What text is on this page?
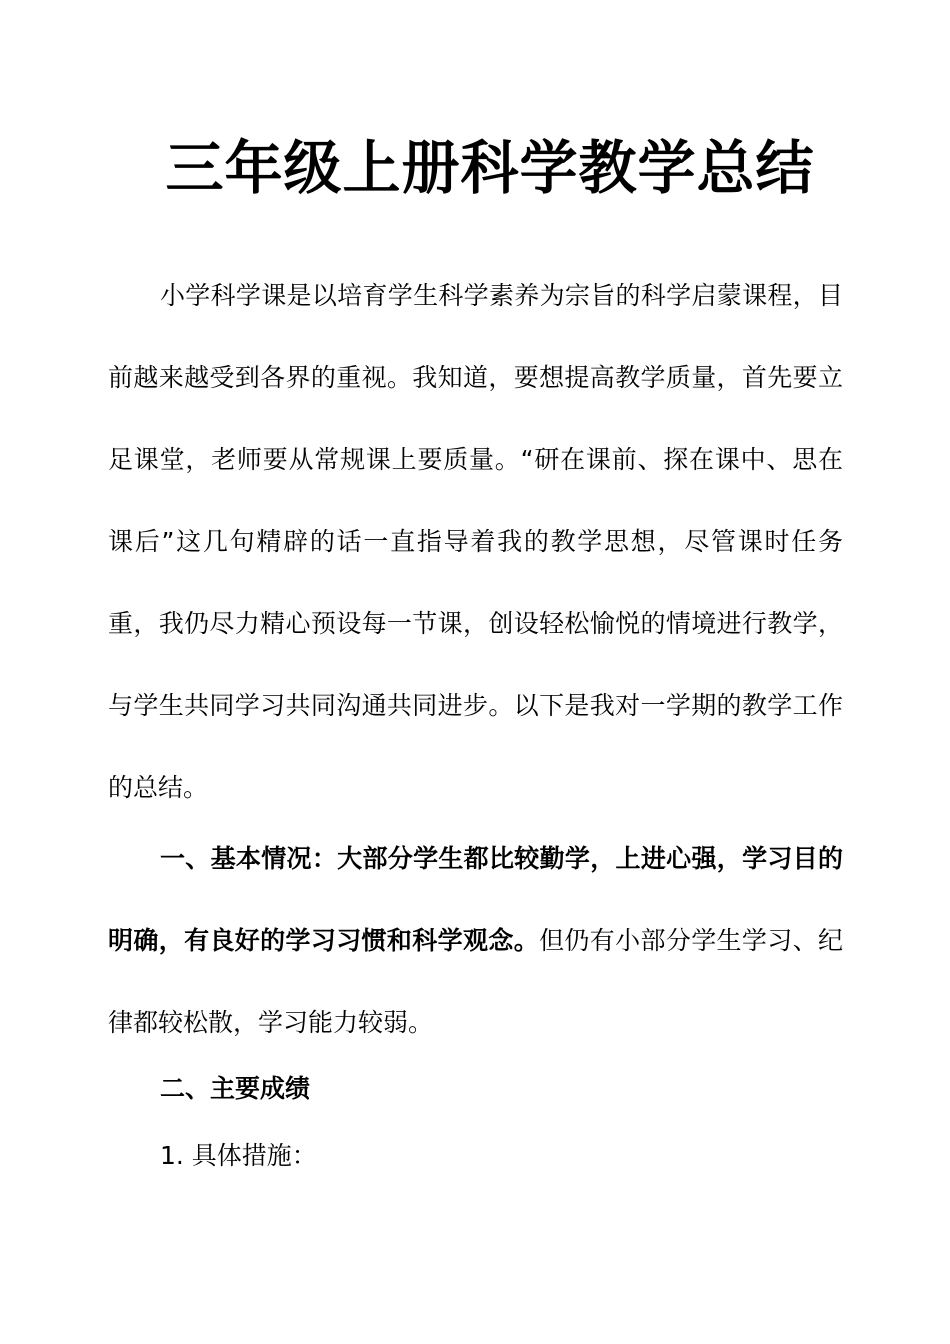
三年级上册科学教学总结

小学科学课是以培育学生科学素养为宗旨的科学启蒙课程，目前越来越受到各界的重视。我知道，要想提高教学质量，首先要立足课堂，老师要从常规课上要质量。“研在课前、探在课中、思在课后”这几句精辟的话一直指导着我的教学思想，尽管课时任务重，我仍尽力精心预设每一节课，创设轻松愉悦的情境进行教学，与学生共同学习共同沟通共同进步。以下是我对一学期的教学工作的总结。

一、基本情况：大部分学生都比较勤学，上进心强，学习目的明确，有良好的学习习惯和科学观念。但仍有小部分学生学习、纪律都较松散，学习能力较弱。

二、主要成绩

1. 具体措施：
